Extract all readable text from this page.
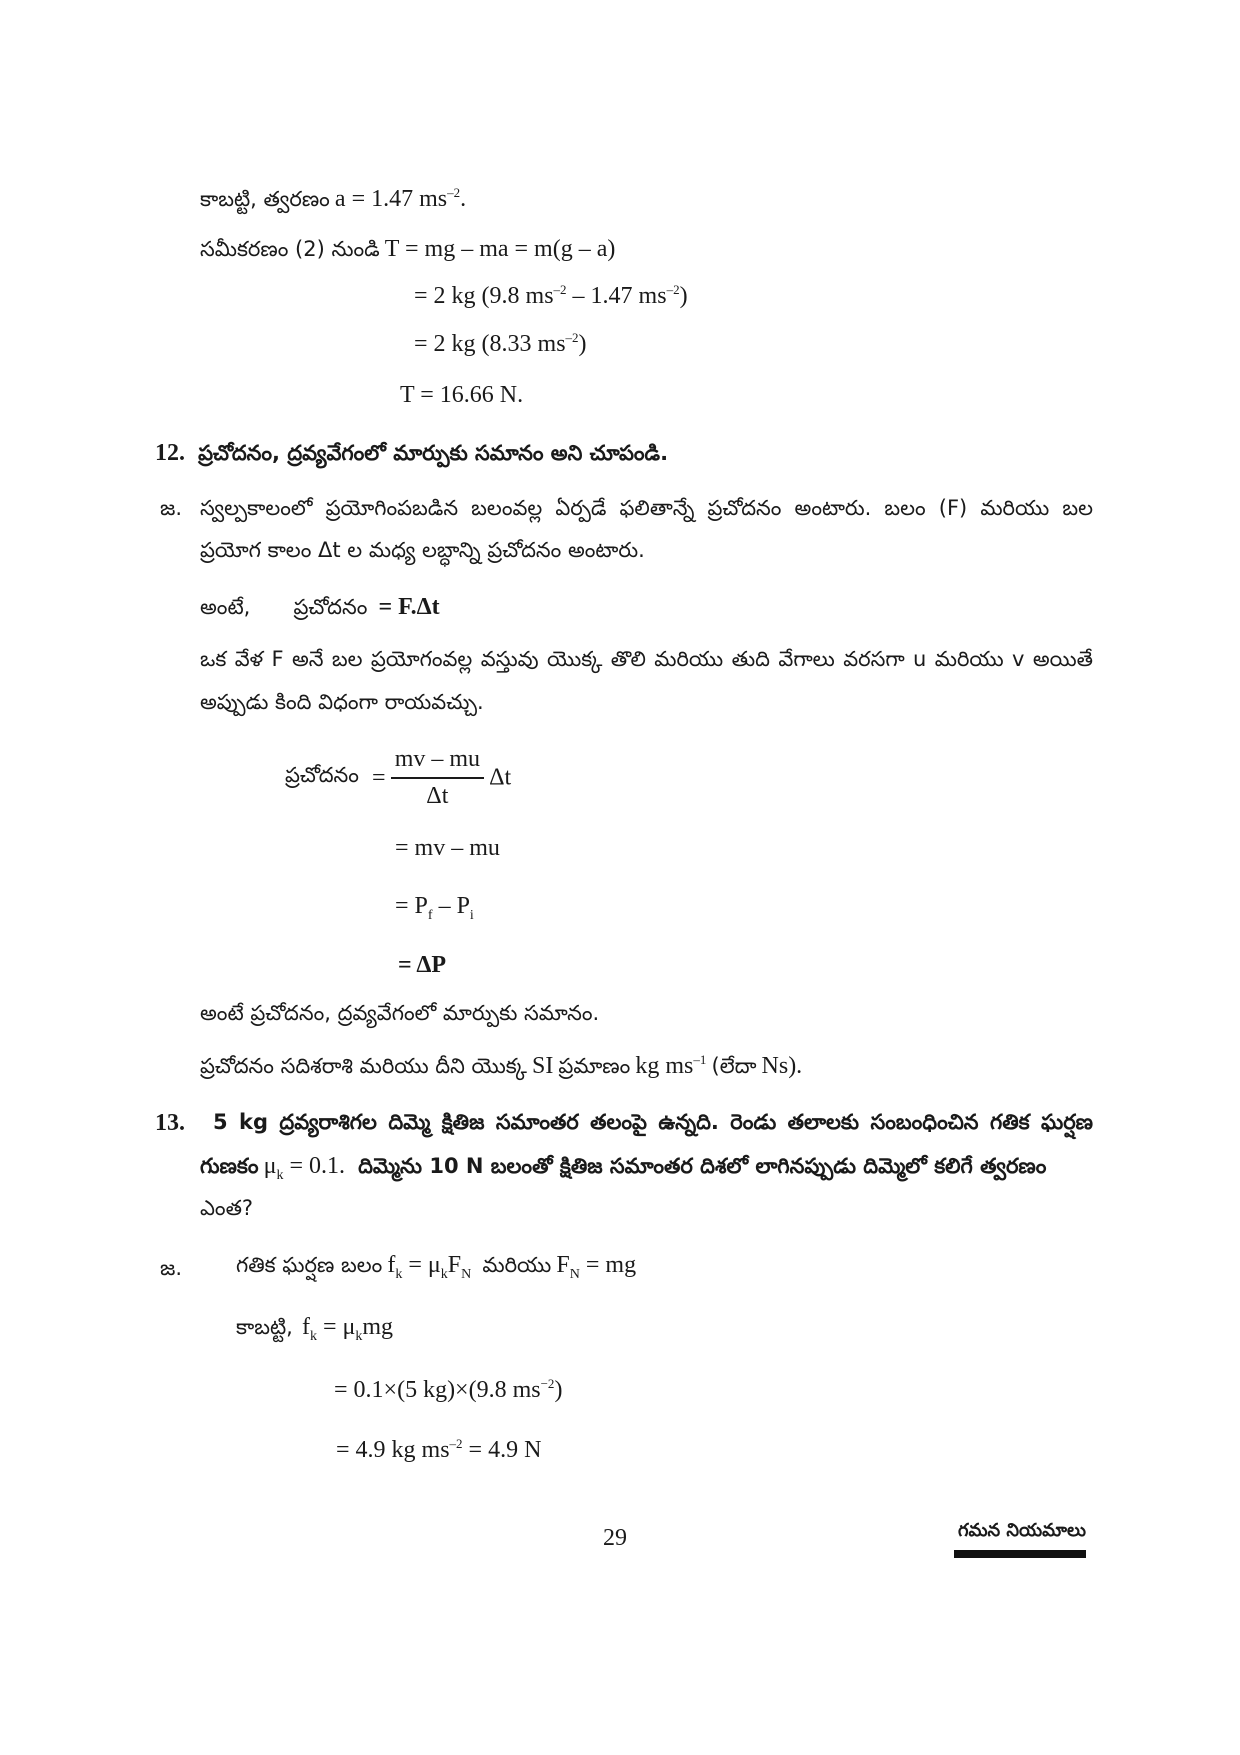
కాబట్టి, త్వరణం a = 1.47 $ms^{-2}$.
సమీకరణం (2) నుండి T = mg – ma = m(g – a)
= 2 kg (9.8 $ms^{-2} - 1.47$ $ms^{-2}$)
= 2 kg (8.33 $ms^{-2}$)
T = 16.66 N.
12. ప్రచోదనం, ద్రవ్యవేగంలో మార్పుకు సమానం అని చూపండి.
జ. స్వల్పకాలంలో ప్రయోగింపబడిన బలంవల్ల ఏర్పడే ఫలితాన్నే ప్రచోదనం అంటారు. బలం (F) మరియు బల
ప్రయోగ కాలం Δt ల మధ్య లబ్ధాన్ని ప్రచోదనం అంటారు.
అంటే, ప్రచోదనం = F.Δt
ఒక వేళ F అనే బల ప్రయోగంవల్ల వస్తువు యొక్క తొలి మరియు తుది వేగాలు వరసగా u మరియు v అయితే
అప్పుడు కింది విధంగా రాయవచ్చు.
ప్రచోదనం = $\frac{mv - mu}{\Delta t}$ Δt
= mv – mu
= $P_f - P_i$
= ΔP
అంటే ప్రచోదనం, ద్రవ్యవేగంలో మార్పుకు సమానం.
ప్రచోదనం సదిశరాశి మరియు దీని యొక్క SI ప్రమాణం kg $ms^{-1}$ (లేదా Ns).
13. 5 kg ద్రవ్యరాశిగల దిమ్మె క్షితిజ సమాంతర తలంపై ఉన్నది. రెండు తలాలకు సంబంధించిన గతిక ఘర్షణ
గుణకం $\mu_k = 0.1$. దిమ్మెను 10 N బలంతో క్షితిజ సమాంతర దిశలో లాగినప్పుడు దిమ్మెలో కలిగే త్వరణం
ఎంత?
జ.	గతిక ఘర్షణ బలం $f_k = \mu_kF_N$ మరియు $F_N$ = mg
కాబట్టి, $f_k = \mu_kmg$
= 0.1×(5 kg)×(9.8 $ms^{-2}$)
= 4.9 kg $ms^{-2} = 4.9$ N
29	గమన నియమాలు
